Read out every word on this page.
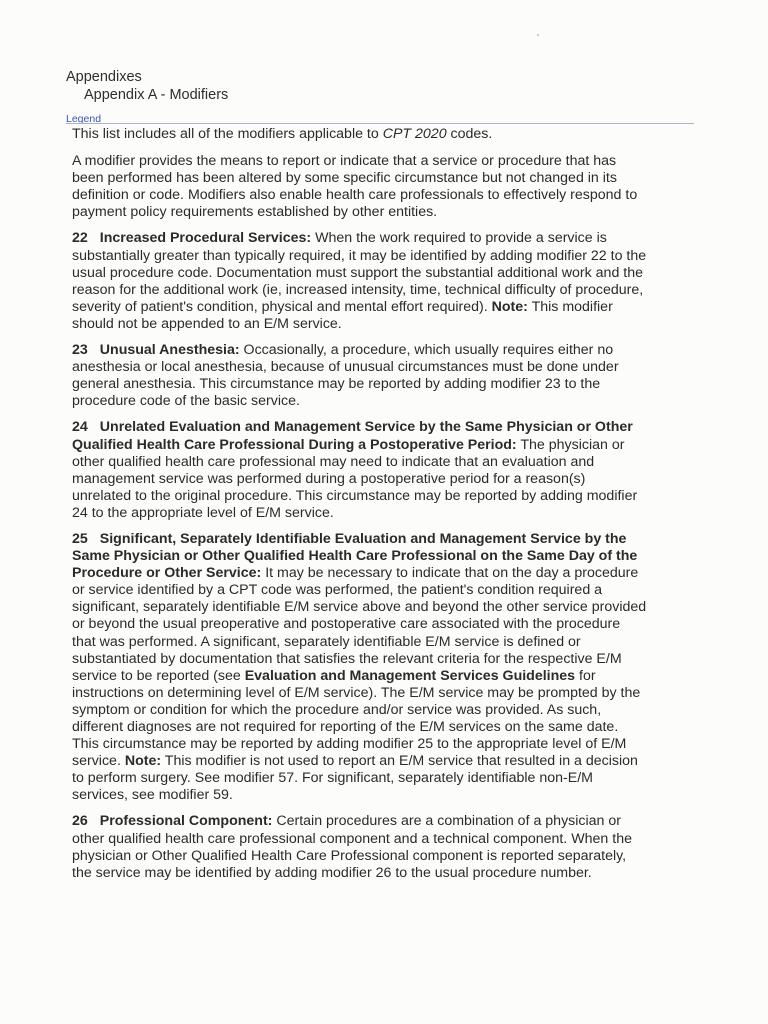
Appendixes

Appendix A - Modifiers

Legend

This list includes all of the modifiers applicable to CPT 2020 codes.

A modifier provides the means to report or indicate that a service or procedure that has been performed has been altered by some specific circumstance but not changed in its definition or code. Modifiers also enable health care professionals to effectively respond to payment policy requirements established by other entities.

22 Increased Procedural Services: When the work required to provide a service is substantially greater than typically required, it may be identified by adding modifier 22 to the usual procedure code. Documentation must support the substantial additional work and the reason for the additional work (ie, increased intensity, time, technical difficulty of procedure, severity of patient's condition, physical and mental effort required). Note: This modifier should not be appended to an E/M service.

23 Unusual Anesthesia: Occasionally, a procedure, which usually requires either no anesthesia or local anesthesia, because of unusual circumstances must be done under general anesthesia. This circumstance may be reported by adding modifier 23 to the procedure code of the basic service.

24 Unrelated Evaluation and Management Service by the Same Physician or Other Qualified Health Care Professional During a Postoperative Period: The physician or other qualified health care professional may need to indicate that an evaluation and management service was performed during a postoperative period for a reason(s) unrelated to the original procedure. This circumstance may be reported by adding modifier 24 to the appropriate level of E/M service.

25 Significant, Separately Identifiable Evaluation and Management Service by the Same Physician or Other Qualified Health Care Professional on the Same Day of the Procedure or Other Service: It may be necessary to indicate that on the day a procedure or service identified by a CPT code was performed, the patient's condition required a significant, separately identifiable E/M service above and beyond the other service provided or beyond the usual preoperative and postoperative care associated with the procedure that was performed. A significant, separately identifiable E/M service is defined or substantiated by documentation that satisfies the relevant criteria for the respective E/M service to be reported (see Evaluation and Management Services Guidelines for instructions on determining level of E/M service). The E/M service may be prompted by the symptom or condition for which the procedure and/or service was provided. As such, different diagnoses are not required for reporting of the E/M services on the same date. This circumstance may be reported by adding modifier 25 to the appropriate level of E/M service. Note: This modifier is not used to report an E/M service that resulted in a decision to perform surgery. See modifier 57. For significant, separately identifiable non-E/M services, see modifier 59.

26 Professional Component: Certain procedures are a combination of a physician or other qualified health care professional component and a technical component. When the physician or Other Qualified Health Care Professional component is reported separately, the service may be identified by adding modifier 26 to the usual procedure number.
